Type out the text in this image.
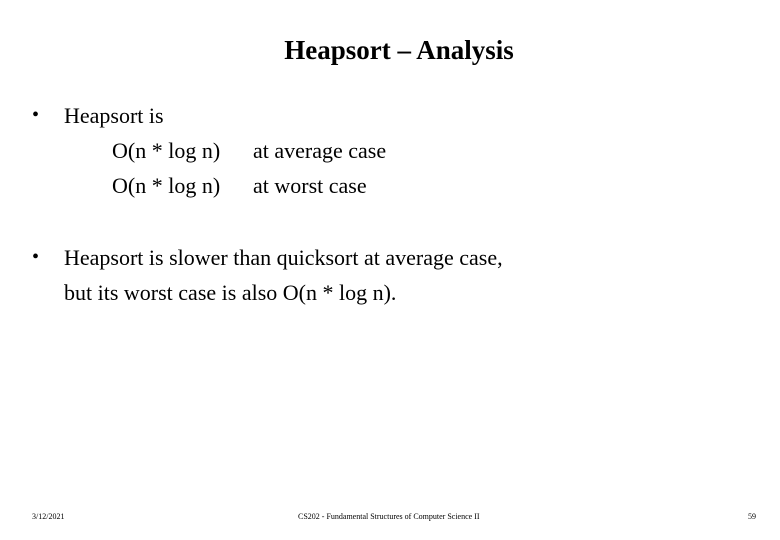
Heapsort – Analysis
• Heapsort is
O(n * log n) at average case
O(n * log n) at worst case
• Heapsort is slower than quicksort at average case,
but its worst case is also O(n * log n).
3/12/2021	CS202 - Fundamental Structures of Computer Science II	59
